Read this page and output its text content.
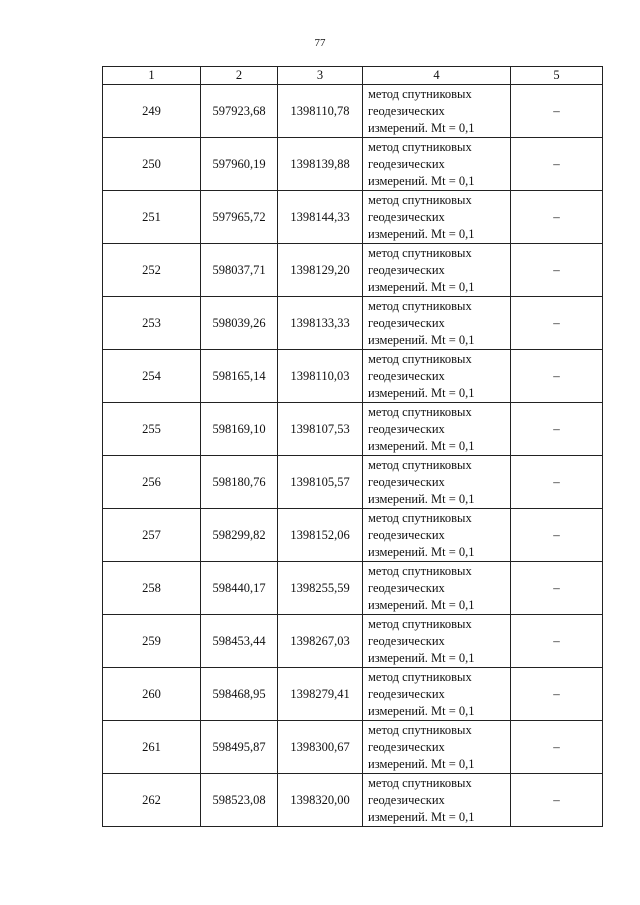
77
1	2	3	4	5
249	597923,68	1398110,78	метод спутниковых
геодезических
измерений. Mt = 0,1	–
250	597960,19	1398139,88	метод спутниковых
геодезических
измерений. Mt = 0,1	–
251	597965,72	1398144,33	метод спутниковых
геодезических
измерений. Mt = 0,1	–
252	598037,71	1398129,20	метод спутниковых
геодезических
измерений. Mt = 0,1	–
253	598039,26	1398133,33	метод спутниковых
геодезических
измерений. Mt = 0,1	–
254	598165,14	1398110,03	метод спутниковых
геодезических
измерений. Mt = 0,1	–
255	598169,10	1398107,53	метод спутниковых
геодезических
измерений. Mt = 0,1	–
256	598180,76	1398105,57	метод спутниковых
геодезических
измерений. Mt = 0,1	–
257	598299,82	1398152,06	метод спутниковых
геодезических
измерений. Mt = 0,1	–
258	598440,17	1398255,59	метод спутниковых
геодезических
измерений. Mt = 0,1	–
259	598453,44	1398267,03	метод спутниковых
геодезических
измерений. Mt = 0,1	–
260	598468,95	1398279,41	метод спутниковых
геодезических
измерений. Mt = 0,1	–
261	598495,87	1398300,67	метод спутниковых
геодезических
измерений. Mt = 0,1	–
262	598523,08	1398320,00	метод спутниковых
геодезических
измерений. Mt = 0,1	–
